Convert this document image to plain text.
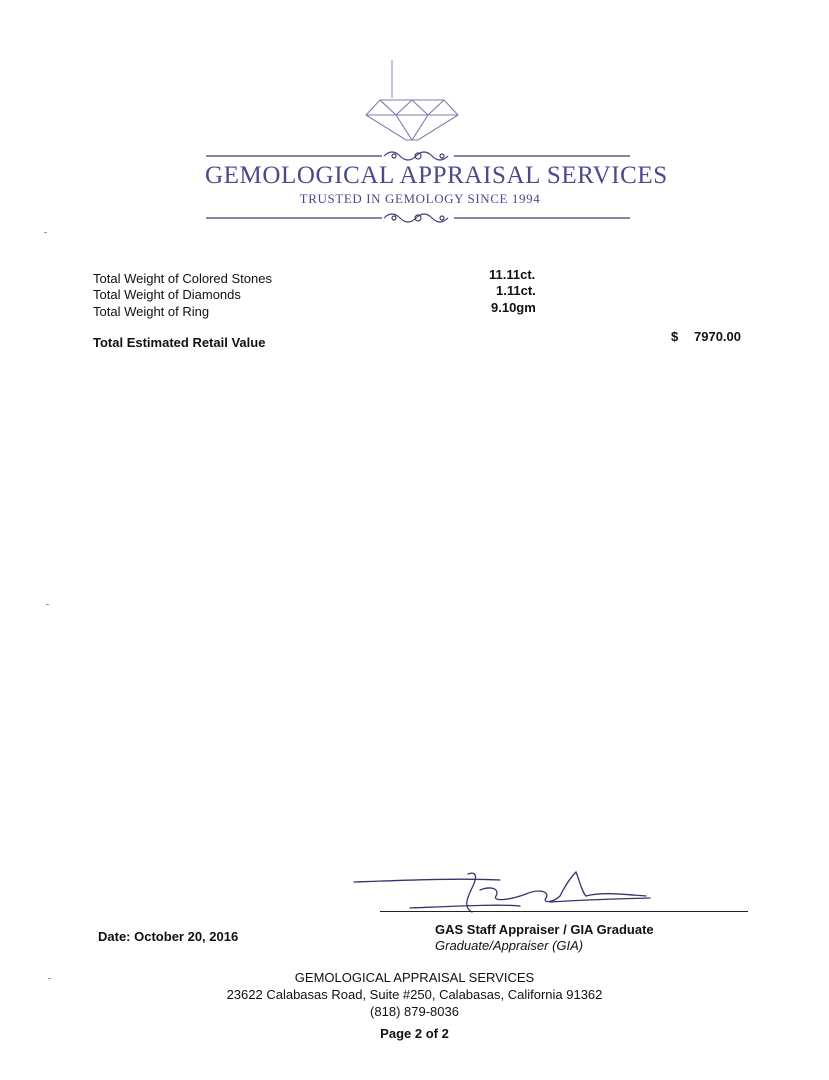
GEMOLOGICAL APPRAISAL SERVICES
TRUSTED IN GEMOLOGY SINCE 1994
Total Weight of Colored Stones	11.11ct.
Total Weight of Diamonds	1.11ct.
Total Weight of Ring	9.10gm
Total Estimated Retail Value	$ 7970.00
Date: October 20, 2016	GAS Staff Appraiser / GIA Graduate
Graduate/Appraiser (GIA)
GEMOLOGICAL APPRAISAL SERVICES
23622 Calabasas Road, Suite #250, Calabasas, California 91362
(818) 879-8036
Page 2 of 2
